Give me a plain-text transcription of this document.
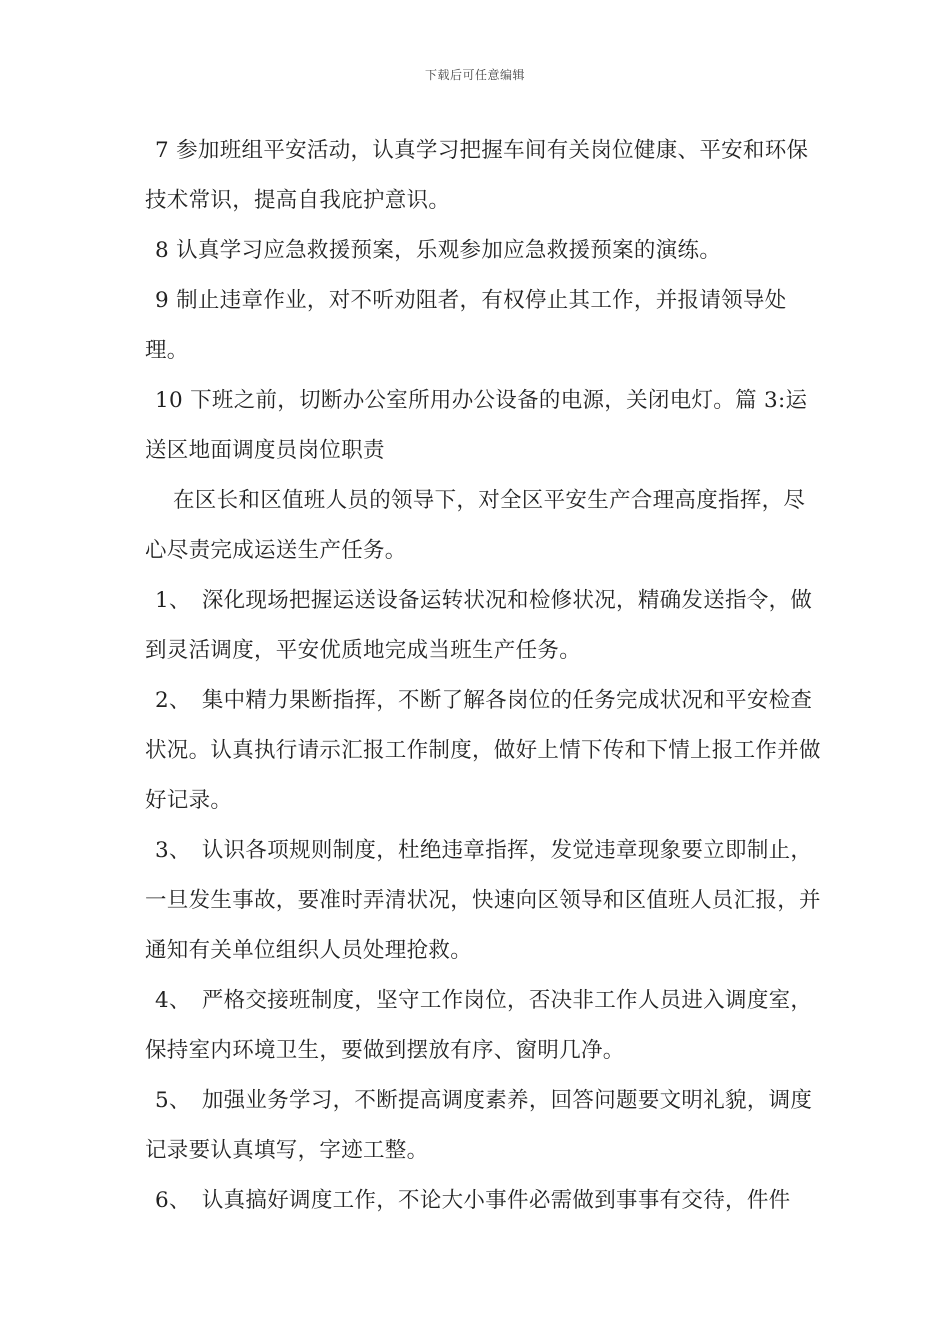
下载后可任意编辑

7 参加班组平安活动，认真学习把握车间有关岗位健康、平安和环保技术常识，提高自我庇护意识。

8 认真学习应急救援预案，乐观参加应急救援预案的演练。

9 制止违章作业，对不听劝阻者，有权停止其工作，并报请领导处理。

10 下班之前，切断办公室所用办公设备的电源，关闭电灯。篇 3:运送区地面调度员岗位职责

在区长和区值班人员的领导下，对全区平安生产合理高度指挥，尽心尽责完成运送生产任务。

1、　深化现场把握运送设备运转状况和检修状况，精确发送指令，做到灵活调度，平安优质地完成当班生产任务。

2、　集中精力果断指挥，不断了解各岗位的任务完成状况和平安检查状况。认真执行请示汇报工作制度，做好上情下传和下情上报工作并做好记录。

3、　认识各项规则制度，杜绝违章指挥，发觉违章现象要立即制止，一旦发生事故，要准时弄清状况，快速向区领导和区值班人员汇报，并通知有关单位组织人员处理抢救。

4、　严格交接班制度，坚守工作岗位，否决非工作人员进入调度室，保持室内环境卫生，要做到摆放有序、窗明几净。

5、　加强业务学习，不断提高调度素养，回答问题要文明礼貌，调度记录要认真填写，字迹工整。

6、　认真搞好调度工作，不论大小事件必需做到事事有交待，件件
